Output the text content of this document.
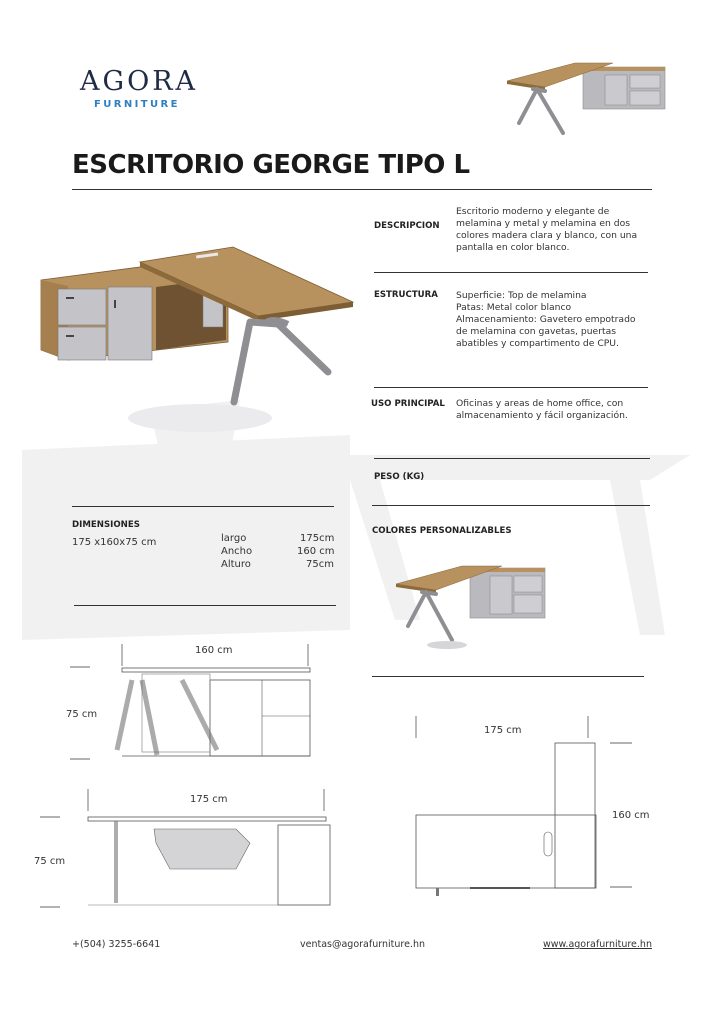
AGORA
FURNITURE
ESCRITORIO GEORGE TIPO L
DESCRIPCION
Escritorio moderno y elegante de
melamina y metal y melamina en dos
colores madera clara y blanco, con una
pantalla en color blanco.
ESTRUCTURA Superficie: Top de melamina
Patas: Metal color blanco
Almacenamiento: Gavetero empotrado
de melamina con gavetas, puertas
abatibles y compartimento de CPU.
USO PRINCIPAL Oficinas y areas de home office, con
almacenamiento y fácil organización.
PESO (KG)
COLORES PERSONALIZABLES
DIMENSIONES
175 x160x75 cm	largo	175cm
Ancho	160 cm
Alturo	75cm
160 cm
75 cm
175 cm
75 cm
175 cm
160 cm
+(504) 3255-6641	ventas@agorafurniture.hn	www.agorafurniture.hn
